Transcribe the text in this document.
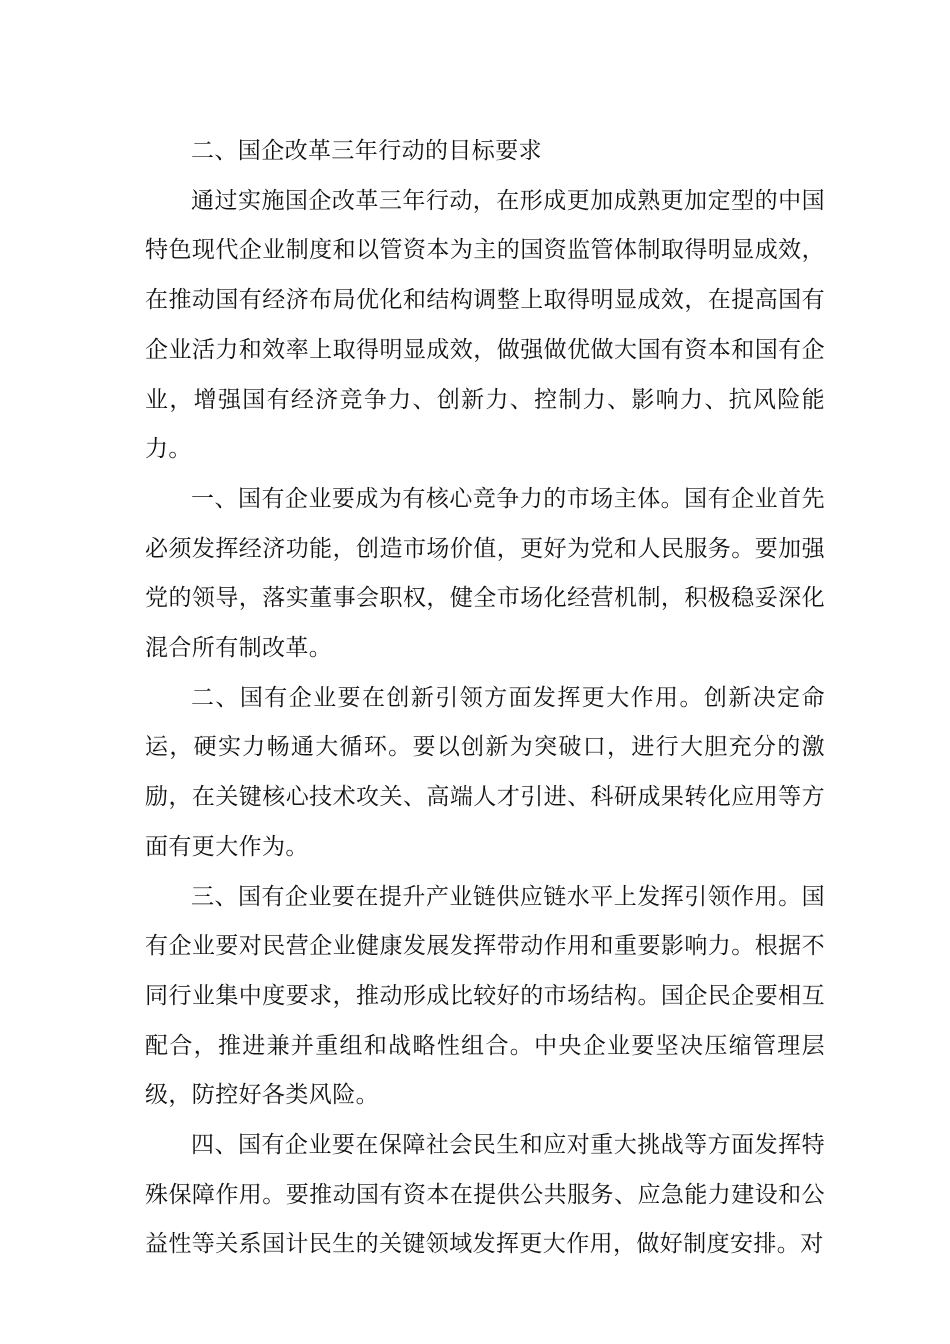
二、国企改革三年行动的目标要求

通过实施国企改革三年行动，在形成更加成熟更加定型的中国特色现代企业制度和以管资本为主的国资监管体制取得明显成效，在推动国有经济布局优化和结构调整上取得明显成效，在提高国有企业活力和效率上取得明显成效，做强做优做大国有资本和国有企业，增强国有经济竞争力、创新力、控制力、影响力、抗风险能力。

一、国有企业要成为有核心竞争力的市场主体。国有企业首先必须发挥经济功能，创造市场价值，更好为党和人民服务。要加强党的领导，落实董事会职权，健全市场化经营机制，积极稳妥深化混合所有制改革。

二、国有企业要在创新引领方面发挥更大作用。创新决定命运，硬实力畅通大循环。要以创新为突破口，进行大胆充分的激励，在关键核心技术攻关、高端人才引进、科研成果转化应用等方面有更大作为。

三、国有企业要在提升产业链供应链水平上发挥引领作用。国有企业要对民营企业健康发展发挥带动作用和重要影响力。根据不同行业集中度要求，推动形成比较好的市场结构。国企民企要相互配合，推进兼并重组和战略性组合。中央企业要坚决压缩管理层级，防控好各类风险。

四、国有企业要在保障社会民生和应对重大挑战等方面发挥特殊保障作用。要推动国有资本在提供公共服务、应急能力建设和公益性等关系国计民生的关键领域发挥更大作用，做好制度安排。对
